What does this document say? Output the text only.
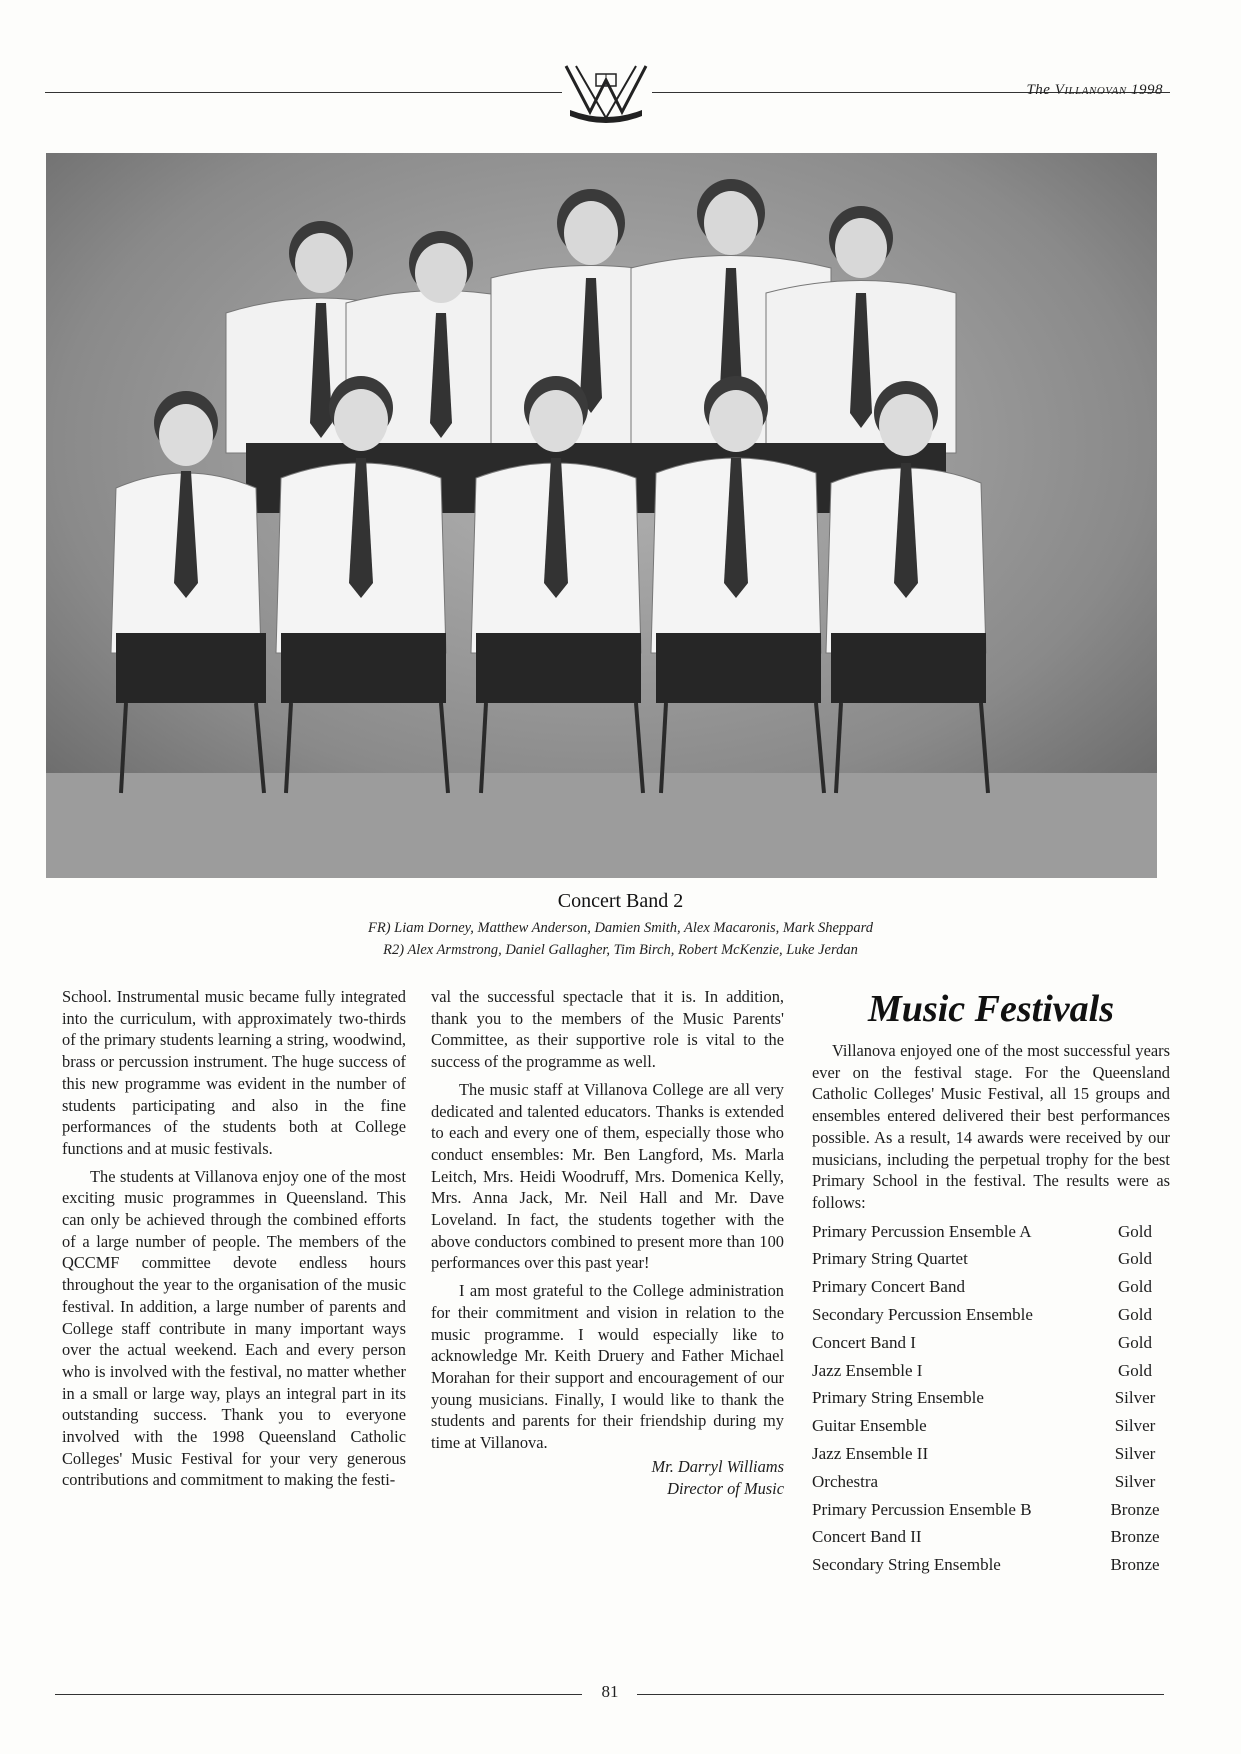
The Villanovan 1998
Concert Band 2
FR) Liam Dorney, Matthew Anderson, Damien Smith, Alex Macaronis, Mark Sheppard
R2) Alex Armstrong, Daniel Gallagher, Tim Birch, Robert McKenzie, Luke Jerdan

School. Instrumental music became fully integrated into the curriculum, with approximately two-thirds of the primary students learning a string, woodwind, brass or percussion instrument. The huge success of this new programme was evident in the number of students participating and also in the fine performances of the students both at College functions and at music festivals.

The students at Villanova enjoy one of the most exciting music programmes in Queensland. This can only be achieved through the combined efforts of a large number of people. The members of the QCCMF committee devote endless hours throughout the year to the organisation of the music festival. In addition, a large number of parents and College staff contribute in many important ways over the actual weekend. Each and every person who is involved with the festival, no matter whether in a small or large way, plays an integral part in its outstanding success. Thank you to everyone involved with the 1998 Queensland Catholic Colleges' Music Festival for your very generous contributions and commitment to making the festi-

val the successful spectacle that it is. In addition, thank you to the members of the Music Parents' Committee, as their supportive role is vital to the success of the programme as well.

The music staff at Villanova College are all very dedicated and talented educators. Thanks is extended to each and every one of them, especially those who conduct ensembles: Mr. Ben Langford, Ms. Marla Leitch, Mrs. Heidi Woodruff, Mrs. Domenica Kelly, Mrs. Anna Jack, Mr. Neil Hall and Mr. Dave Loveland. In fact, the students together with the above conductors combined to present more than 100 performances over this past year!

I am most grateful to the College administration for their commitment and vision in relation to the music programme. I would especially like to acknowledge Mr. Keith Druery and Father Michael Morahan for their support and encouragement of our young musicians. Finally, I would like to thank the students and parents for their friendship during my time at Villanova.

Mr. Darryl Williams
Director of Music
Music Festivals

Villanova enjoyed one of the most successful years ever on the festival stage. For the Queensland Catholic Colleges' Music Festival, all 15 groups and ensembles entered delivered their best performances possible. As a result, 14 awards were received by our musicians, including the perpetual trophy for the best Primary School in the festival. The results were as follows:

Primary Percussion Ensemble A	Gold
Primary String Quartet	Gold
Primary Concert Band	Gold
Secondary Percussion Ensemble	Gold
Concert Band I	Gold
Jazz Ensemble I	Gold
Primary String Ensemble	Silver
Guitar Ensemble	Silver
Jazz Ensemble II	Silver
Orchestra	Silver
Primary Percussion Ensemble B	Bronze
Concert Band II	Bronze
Secondary String Ensemble	Bronze
81
